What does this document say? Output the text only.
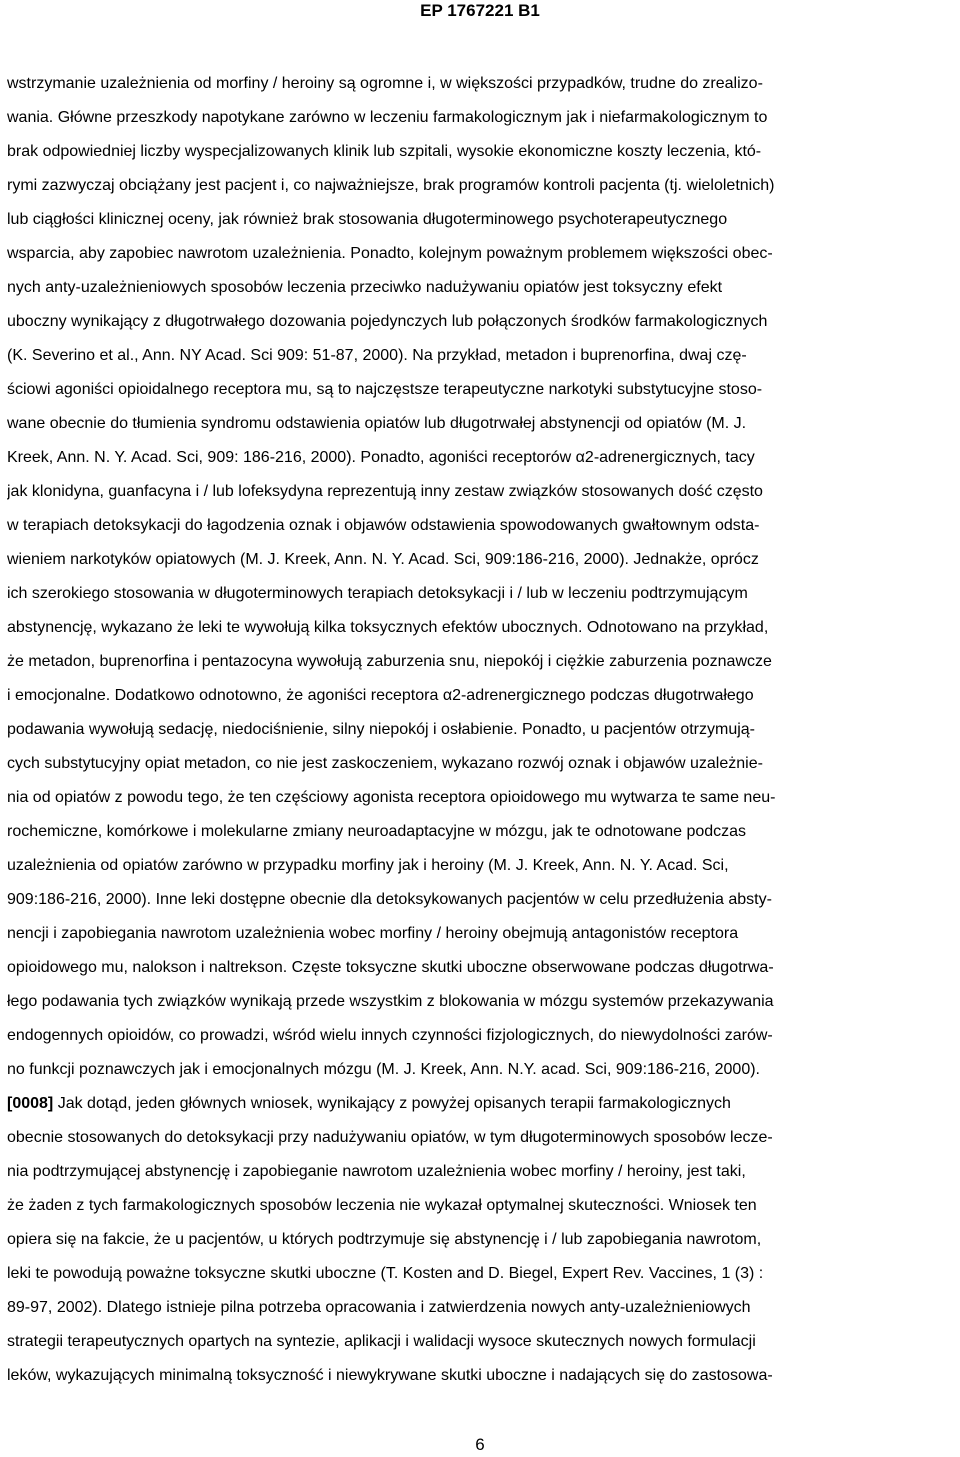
EP 1767221 B1
wstrzymanie uzależnienia od morfiny / heroiny są ogromne i, w większości przypadków, trudne do zrealizo-
wania. Główne przeszkody napotykane zarówno w leczeniu farmakologicznym jak i niefarmakologicznym to
brak odpowiedniej liczby wyspecjalizowanych klinik lub szpitali, wysokie ekonomiczne koszty leczenia, któ-
rymi zazwyczaj obciążany jest pacjent i, co najważniejsze, brak programów kontroli pacjenta (tj. wieloletnich)
lub ciągłości klinicznej oceny, jak również brak stosowania długoterminowego psychoterapeutycznego
wsparcia, aby zapobiec nawrotom uzależnienia. Ponadto, kolejnym poważnym problemem większości obec-
nych anty-uzależnieniowych sposobów leczenia przeciwko nadużywaniu opiatów jest toksyczny efekt
uboczny wynikający z długotrwałego dozowania pojedynczych lub połączonych środków farmakologicznych
(K. Severino et al., Ann. NY Acad. Sci 909: 51-87, 2000). Na przykład, metadon i buprenorfina, dwaj czę-
ściowi agoniści opioidalnego receptora mu, są to najczęstsze terapeutyczne narkotyki substytucyjne stoso-
wane obecnie do tłumienia syndromu odstawienia opiatów lub długotrwałej abstynencji od opiatów (M. J.
Kreek, Ann. N. Y. Acad. Sci, 909: 186-216, 2000). Ponadto, agoniści receptorów α2-adrenergicznych, tacy
jak klonidyna, guanfacyna i / lub lofeksydyna reprezentują inny zestaw związków stosowanych dość często
w terapiach detoksykacji do łagodzenia oznak i objawów odstawienia spowodowanych gwałtownym odsta-
wieniem narkotyków opiatowych (M. J. Kreek, Ann. N. Y. Acad. Sci, 909:186-216, 2000). Jednakże, oprócz
ich szerokiego stosowania w długoterminowych terapiach detoksykacji i / lub w leczeniu podtrzymującym
abstynencję, wykazano że leki te wywołują kilka toksycznych efektów ubocznych. Odnotowano na przykład,
że metadon, buprenorfina i pentazocyna wywołują zaburzenia snu, niepokój i ciężkie zaburzenia poznawcze
i emocjonalne. Dodatkowo odnotowno, że agoniści receptora α2-adrenergicznego podczas długotrwałego
podawania wywołują sedację, niedociśnienie, silny niepokój i osłabienie. Ponadto, u pacjentów otrzymują-
cych substytucyjny opiat metadon, co nie jest zaskoczeniem, wykazano rozwój oznak i objawów uzależnie-
nia od opiatów z powodu tego, że ten częściowy agonista receptora opioidowego mu wytwarza te same neu-
rochemiczne, komórkowe i molekularne zmiany neuroadaptacyjne w mózgu, jak te odnotowane podczas
uzależnienia od opiatów zarówno w przypadku morfiny jak i heroiny (M. J. Kreek, Ann. N. Y. Acad. Sci,
909:186-216, 2000). Inne leki dostępne obecnie dla detoksykowanych pacjentów w celu przedłużenia absty-
nencji i zapobiegania nawrotom uzależnienia wobec morfiny / heroiny obejmują antagonistów receptora
opioidowego mu, nalokson i naltrekson. Częste toksyczne skutki uboczne obserwowane podczas długotrwa-
łego podawania tych związków wynikają przede wszystkim z blokowania w mózgu systemów przekazywania
endogennych opioidów, co prowadzi, wśród wielu innych czynności fizjologicznych, do niewydolności zarów-
no funkcji poznawczych jak i emocjonalnych mózgu (M. J. Kreek, Ann. N.Y. acad. Sci, 909:186-216, 2000).
[0008] Jak dotąd, jeden głównych wniosek, wynikający z powyżej opisanych terapii farmakologicznych
obecnie stosowanych do detoksykacji przy nadużywaniu opiatów, w tym długoterminowych sposobów lecze-
nia podtrzymującej abstynencję i zapobieganie nawrotom uzależnienia wobec morfiny / heroiny, jest taki,
że żaden z tych farmakologicznych sposobów leczenia nie wykazał optymalnej skuteczności. Wniosek ten
opiera się na fakcie, że u pacjentów, u których podtrzymuje się abstynencję i / lub zapobiegania nawrotom,
leki te powodują poważne toksyczne skutki uboczne (T. Kosten and D. Biegel, Expert Rev. Vaccines, 1 (3) :
89-97, 2002). Dlatego istnieje pilna potrzeba opracowania i zatwierdzenia nowych anty-uzależnieniowych
strategii terapeutycznych opartych na syntezie, aplikacji i walidacji wysoce skutecznych nowych formulacji
leków, wykazujących minimalną toksyczność i niewykrywane skutki uboczne i nadających się do zastosowa-
6
